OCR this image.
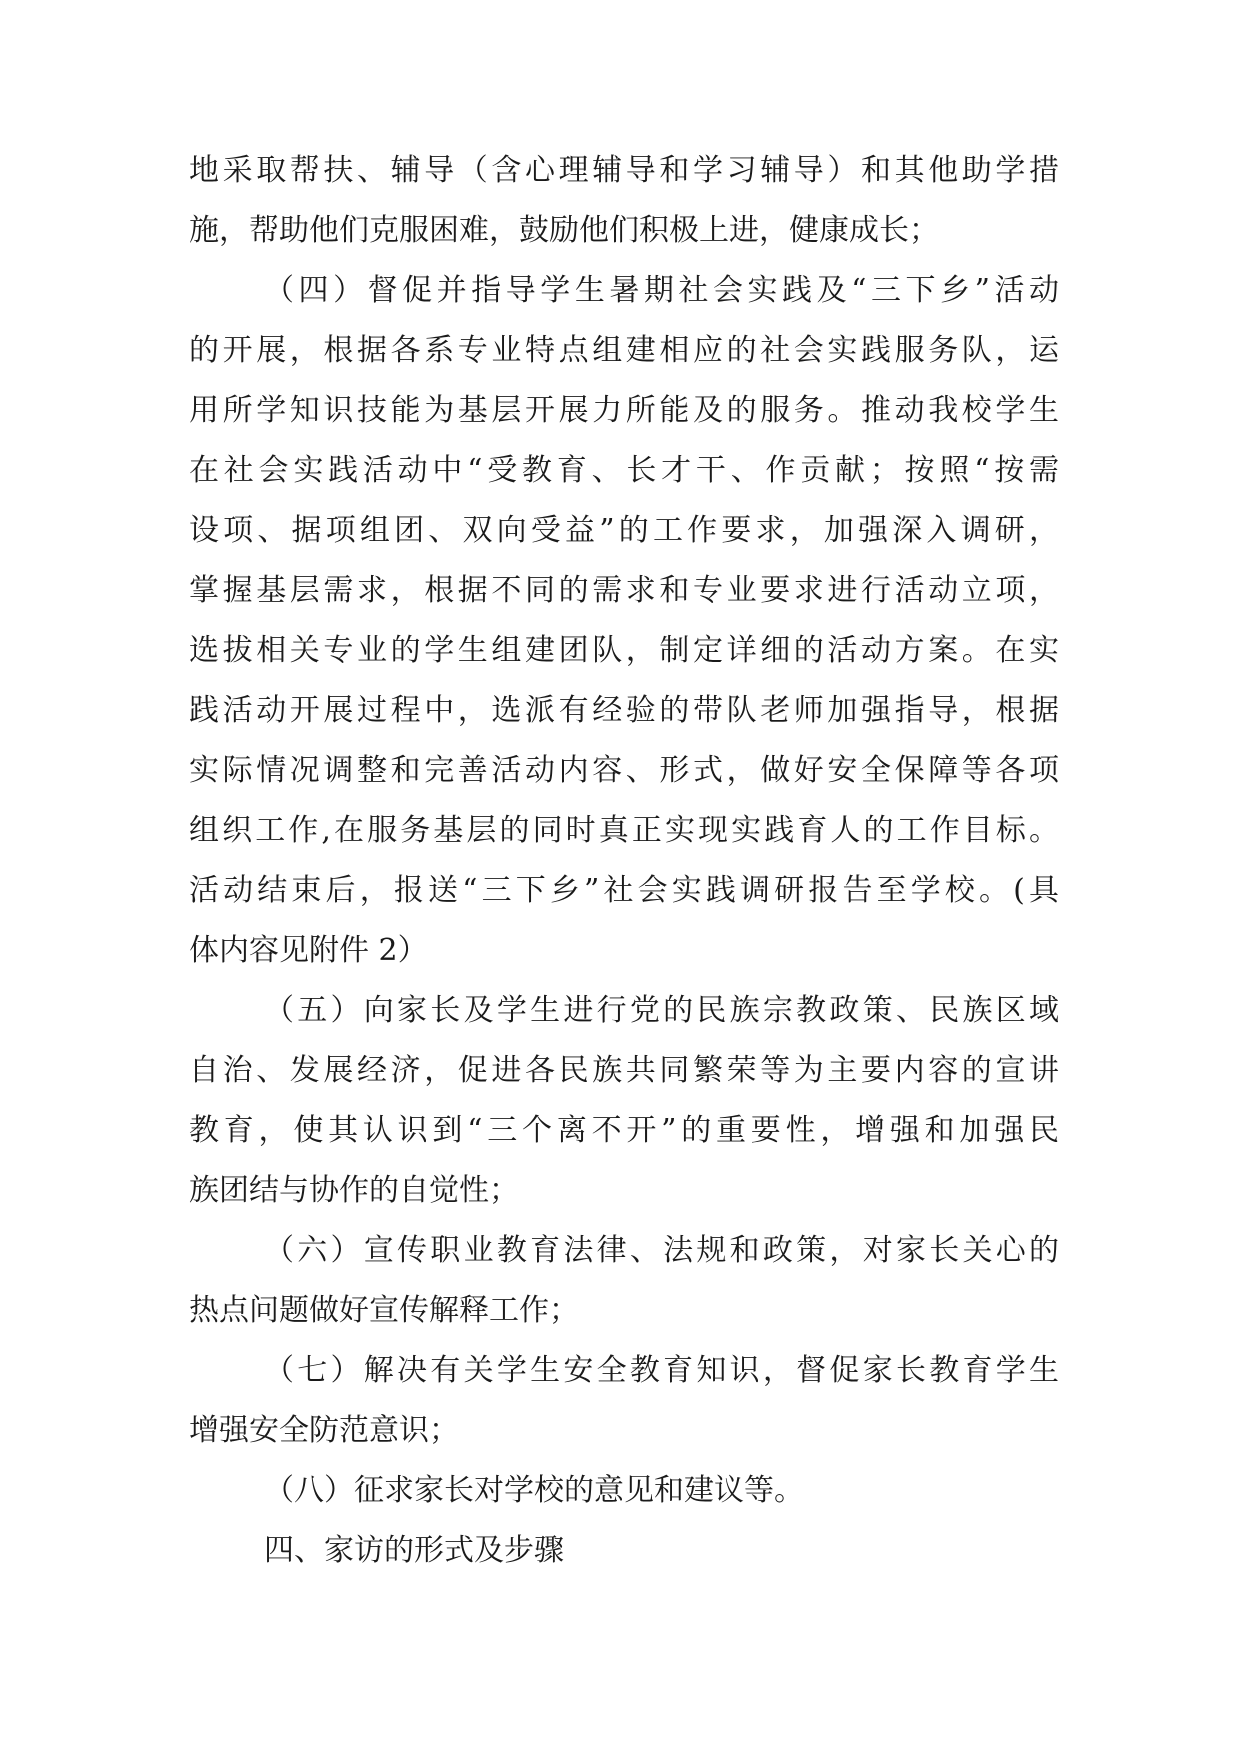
地采取帮扶、辅导（含心理辅导和学习辅导）和其他助学措
施，帮助他们克服困难，鼓励他们积极上进，健康成长；
（四）督促并指导学生暑期社会实践及“三下乡”活动
的开展，根据各系专业特点组建相应的社会实践服务队，运
用所学知识技能为基层开展力所能及的服务。推动我校学生
在社会实践活动中“受教育、长才干、作贡献；按照“按需
设项、据项组团、双向受益”的工作要求，加强深入调研，
掌握基层需求，根据不同的需求和专业要求进行活动立项，
选拔相关专业的学生组建团队，制定详细的活动方案。在实
践活动开展过程中，选派有经验的带队老师加强指导，根据
实际情况调整和完善活动内容、形式，做好安全保障等各项
组织工作,在服务基层的同时真正实现实践育人的工作目标。
活动结束后，报送“三下乡”社会实践调研报告至学校。(具
体内容见附件 2）
（五）向家长及学生进行党的民族宗教政策、民族区域
自治、发展经济，促进各民族共同繁荣等为主要内容的宣讲
教育，使其认识到“三个离不开”的重要性，增强和加强民
族团结与协作的自觉性；
（六）宣传职业教育法律、法规和政策，对家长关心的
热点问题做好宣传解释工作；
（七）解决有关学生安全教育知识，督促家长教育学生
增强安全防范意识；
（八）征求家长对学校的意见和建议等。
四、家访的形式及步骤
